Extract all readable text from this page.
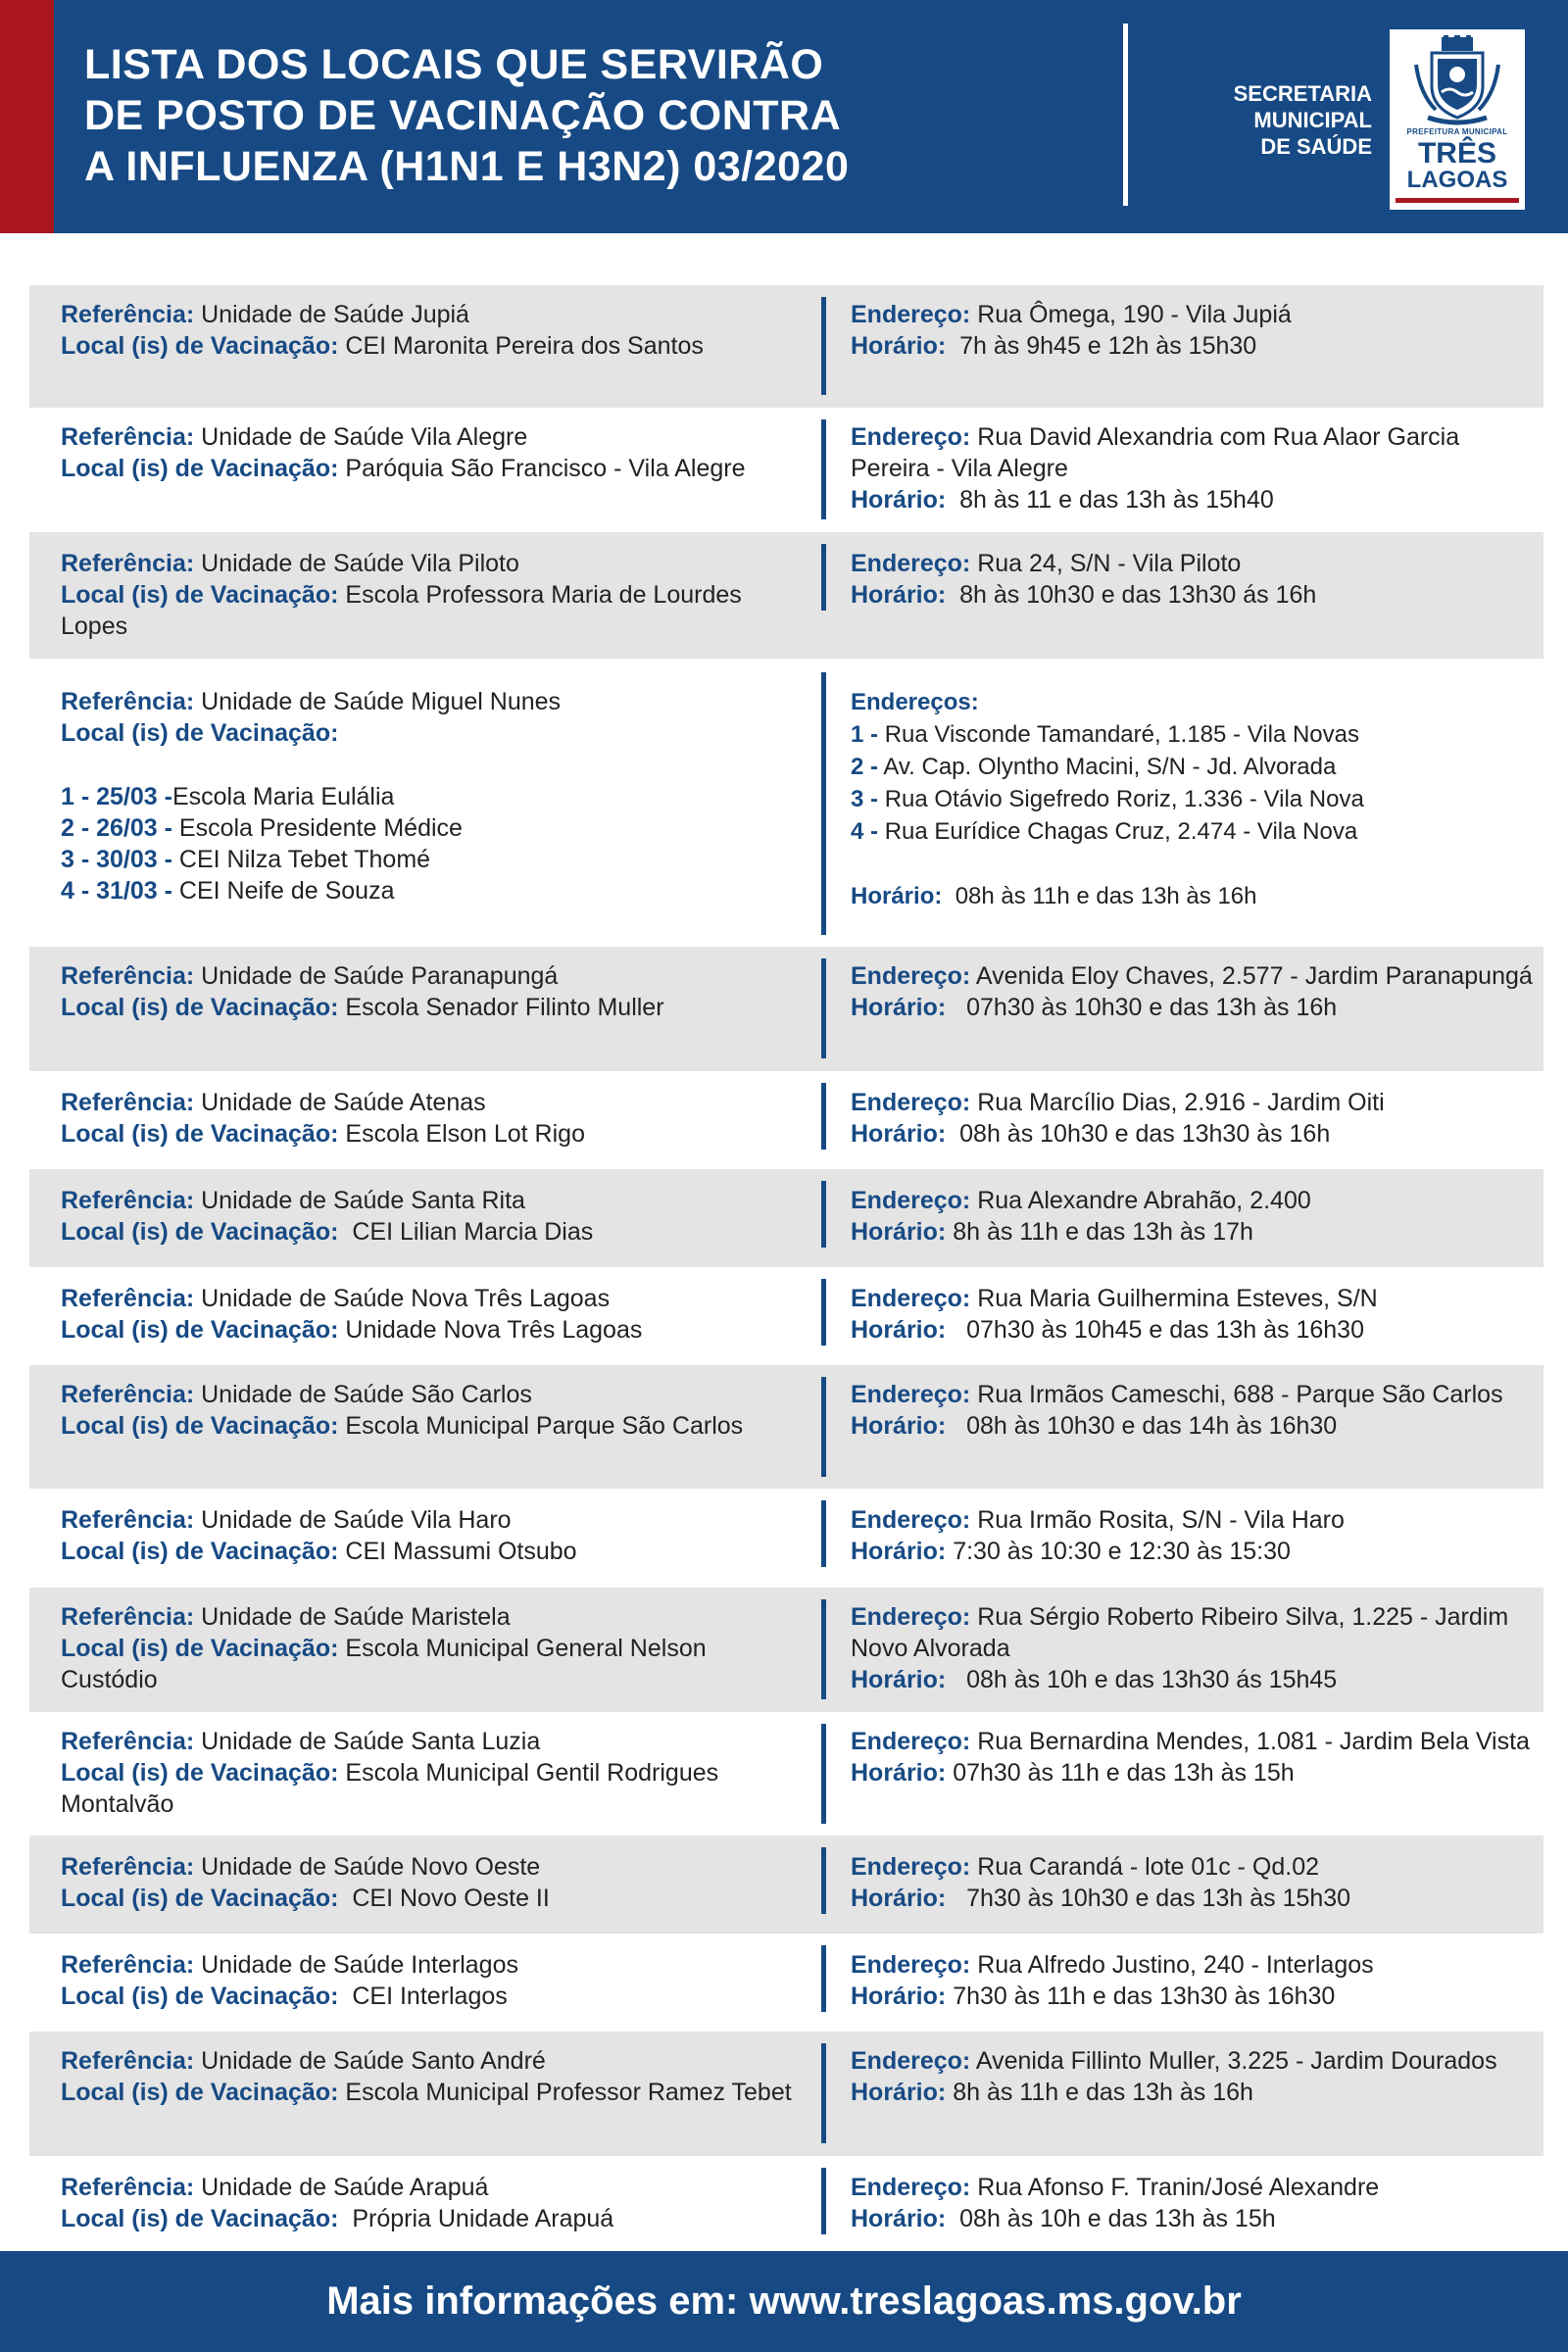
LISTA DOS LOCAIS QUE SERVIRÃO
DE POSTO DE VACINAÇÃO CONTRA
A INFLUENZA (H1N1 E H3N2) 03/2020
SECRETARIA
MUNICIPAL
DE SAÚDE
PREFEITURA MUNICIPAL
TRÊS
LAGOAS
Referência: Unidade de Saúde Jupiá
Local (is) de Vacinação: CEI Maronita Pereira dos Santos
Endereço: Rua Ômega, 190 - Vila Jupiá
Horário: 7h às 9h45 e 12h às 15h30
Referência: Unidade de Saúde Vila Alegre
Local (is) de Vacinação: Paróquia São Francisco - Vila Alegre
Endereço: Rua David Alexandria com Rua Alaor Garcia Pereira - Vila Alegre
Horário: 8h às 11 e das 13h às 15h40
Referência: Unidade de Saúde Vila Piloto
Local (is) de Vacinação: Escola Professora Maria de Lourdes Lopes
Endereço: Rua 24, S/N - Vila Piloto
Horário: 8h às 10h30 e das 13h30 ás 16h
Referência: Unidade de Saúde Miguel Nunes
Local (is) de Vacinação:
1 - 25/03 -Escola Maria Eulália
2 - 26/03 - Escola Presidente Médice
3 - 30/03 - CEI Nilza Tebet Thomé
4 - 31/03 - CEI Neife de Souza
Endereços:
1 - Rua Visconde Tamandaré, 1.185 - Vila Novas
2 - Av. Cap. Olyntho Macini, S/N - Jd. Alvorada
3 - Rua Otávio Sigefredo Roriz, 1.336 - Vila Nova
4 - Rua Eurídice Chagas Cruz, 2.474 - Vila Nova
Horário: 08h às 11h e das 13h às 16h
Referência: Unidade de Saúde Paranapungá
Local (is) de Vacinação: Escola Senador Filinto Muller
Endereço: Avenida Eloy Chaves, 2.577 - Jardim Paranapungá
Horário: 07h30 às 10h30 e das 13h às 16h
Referência: Unidade de Saúde Atenas
Local (is) de Vacinação: Escola Elson Lot Rigo
Endereço: Rua Marcílio Dias, 2.916 - Jardim Oiti
Horário: 08h às 10h30 e das 13h30 às 16h
Referência: Unidade de Saúde Santa Rita
Local (is) de Vacinação: CEI Lilian Marcia Dias
Endereço: Rua Alexandre Abrahão, 2.400
Horário: 8h às 11h e das 13h às 17h
Referência: Unidade de Saúde Nova Três Lagoas
Local (is) de Vacinação: Unidade Nova Três Lagoas
Endereço: Rua Maria Guilhermina Esteves, S/N
Horário: 07h30 às 10h45 e das 13h às 16h30
Referência: Unidade de Saúde São Carlos
Local (is) de Vacinação: Escola Municipal Parque São Carlos
Endereço: Rua Irmãos Cameschi, 688 - Parque São Carlos
Horário: 08h às 10h30 e das 14h às 16h30
Referência: Unidade de Saúde Vila Haro
Local (is) de Vacinação: CEI Massumi Otsubo
Endereço: Rua Irmão Rosita, S/N - Vila Haro
Horário: 7:30 às 10:30 e 12:30 às 15:30
Referência: Unidade de Saúde Maristela
Local (is) de Vacinação: Escola Municipal General Nelson Custódio
Endereço: Rua Sérgio Roberto Ribeiro Silva, 1.225 - Jardim Novo Alvorada
Horário: 08h às 10h e das 13h30 ás 15h45
Referência: Unidade de Saúde Santa Luzia
Local (is) de Vacinação: Escola Municipal Gentil Rodrigues Montalvão
Endereço: Rua Bernardina Mendes, 1.081 - Jardim Bela Vista
Horário: 07h30 às 11h e das 13h às 15h
Referência: Unidade de Saúde Novo Oeste
Local (is) de Vacinação: CEI Novo Oeste II
Endereço: Rua Carandá - lote 01c - Qd.02
Horário: 7h30 às 10h30 e das 13h às 15h30
Referência: Unidade de Saúde Interlagos
Local (is) de Vacinação: CEI Interlagos
Endereço: Rua Alfredo Justino, 240 - Interlagos
Horário: 7h30 às 11h e das 13h30 às 16h30
Referência: Unidade de Saúde Santo André
Local (is) de Vacinação: Escola Municipal Professor Ramez Tebet
Endereço: Avenida Fillinto Muller, 3.225 - Jardim Dourados
Horário: 8h às 11h e das 13h às 16h
Referência: Unidade de Saúde Arapuá
Local (is) de Vacinação: Própria Unidade Arapuá
Endereço: Rua Afonso F. Tranin/José Alexandre
Horário: 08h às 10h e das 13h às 15h
Mais informações em: www.treslagoas.ms.gov.br
